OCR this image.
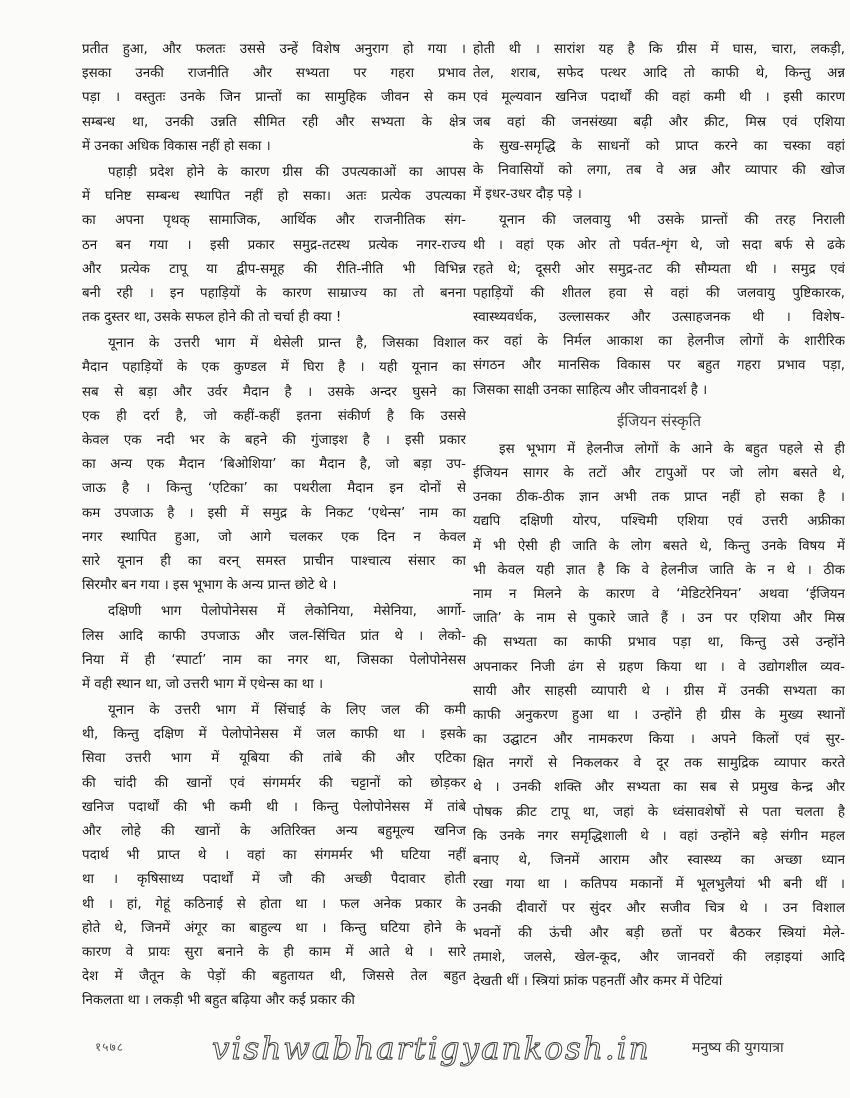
प्रतीत हुआ, और फलतः उससे उन्हें विशेष अनुराग हो गया ।
इसका उनकी राजनीति और सभ्यता पर गहरा प्रभाव
पड़ा । वस्तुतः उनके जिन प्रान्तों का सामुहिक जीवन से कम
सम्बन्ध था, उनकी उन्नति सीमित रही और सभ्यता के क्षेत्र
में उनका अधिक विकास नहीं हो सका ।
पहाड़ी प्रदेश होने के कारण ग्रीस की उपत्यकाओं का आपस
में घनिष्ट सम्बन्ध स्थापित नहीं हो सका। अतः प्रत्येक उपत्यका
का अपना पृथक् सामाजिक, आर्थिक और राजनीतिक संग-
ठन बन गया । इसी प्रकार समुद्र-तटस्थ प्रत्येक नगर-राज्य
और प्रत्येक टापू या द्वीप-समूह की रीति-नीति भी विभिन्न
बनी रही । इन पहाड़ियों के कारण साम्राज्य का तो बनना
तक दुस्तर था, उसके सफल होने की तो चर्चा ही क्या !
यूनान के उत्तरी भाग में थेसेली प्रान्त है, जिसका विशाल
मैदान पहाड़ियों के एक कुण्डल में घिरा है । यही यूनान का
सब से बड़ा और उर्वर मैदान है । उसके अन्दर घुसने का
एक ही दर्रा है, जो कहीं-कहीं इतना संकीर्ण है कि उससे
केवल एक नदी भर के बहने की गुंजाइश है । इसी प्रकार
का अन्य एक मैदान ‘बिओशिया’ का मैदान है, जो बड़ा उप-
जाऊ है । किन्तु ‘एटिका’ का पथरीला मैदान इन दोनों से
कम उपजाऊ है । इसी में समुद्र के निकट ‘एथेन्स’ नाम का
नगर स्थापित हुआ, जो आगे चलकर एक दिन न केवल
सारे यूनान ही का वरन् समस्त प्राचीन पाश्चात्य संसार का
सिरमौर बन गया । इस भूभाग के अन्य प्रान्त छोटे थे ।
दक्षिणी भाग पेलोपोनेसस में लेकोनिया, मेसेनिया, आर्गो-
लिस आदि काफी उपजाऊ और जल-सिंचित प्रांत थे । लेको-
निया में ही ‘स्पार्टा’ नाम का नगर था, जिसका पेलोपोनेसस
में वही स्थान था, जो उत्तरी भाग में एथेन्स का था ।
यूनान के उत्तरी भाग में सिंचाई के लिए जल की कमी
थी, किन्तु दक्षिण में पेलोपोनेसस में जल काफी था । इसके
सिवा उत्तरी भाग में यूबिया की तांबे की और एटिका
की चांदी की खानों एवं संगमर्मर की चट्टानों को छोड़कर
खनिज पदार्थों की भी कमी थी । किन्तु पेलोपोनेसस में तांबे
और लोहे की खानों के अतिरिक्त अन्य बहुमूल्य खनिज
पदार्थ भी प्राप्त थे । वहां का संगमर्मर भी घटिया नहीं
था । कृषिसाध्य पदार्थों में जौ की अच्छी पैदावार होती
थी । हां, गेहूं कठिनाई से होता था । फल अनेक प्रकार के
होते थे, जिनमें अंगूर का बाहुल्य था । किन्तु घटिया होने के
कारण वे प्रायः सुरा बनाने के ही काम में आते थे । सारे
देश में जैतून के पेड़ों की बहुतायत थी, जिससे तेल बहुत
निकलता था । लकड़ी भी बहुत बढ़िया और कई प्रकार की
होती थी । सारांश यह है कि ग्रीस में घास, चारा, लकड़ी,
तेल, शराब, सफेद पत्थर आदि तो काफी थे, किन्तु अन्न
एवं मूल्यवान खनिज पदार्थों की वहां कमी थी । इसी कारण
जब वहां की जनसंख्या बढ़ी और क्रीट, मिस्र एवं एशिया
के सुख-समृद्धि के साधनों को प्राप्त करने का चस्का वहां
के निवासियों को लगा, तब वे अन्न और व्यापार की खोज
में इधर-उधर दौड़ पड़े ।
यूनान की जलवायु भी उसके प्रान्तों की तरह निराली
थी । वहां एक ओर तो पर्वत-शृंग थे, जो सदा बर्फ से ढके
रहते थे; दूसरी ओर समुद्र-तट की सौम्यता थी । समुद्र एवं
पहाड़ियों की शीतल हवा से वहां की जलवायु पुष्टिकारक,
स्वास्थ्यवर्धक, उल्लासकर और उत्साहजनक थी । विशेष-
कर वहां के निर्मल आकाश का हेलनीज लोगों के शारीरिक
संगठन और मानसिक विकास पर बहुत गहरा प्रभाव पड़ा,
जिसका साक्षी उनका साहित्य और जीवनादर्श है ।
ईजियन संस्कृति
इस भूभाग में हेलनीज लोगों के आने के बहुत पहले से ही
ईजियन सागर के तटों और टापुओं पर जो लोग बसते थे,
उनका ठीक-ठीक ज्ञान अभी तक प्राप्त नहीं हो सका है ।
यद्यपि दक्षिणी योरप, पश्चिमी एशिया एवं उत्तरी अफ्रीका
में भी ऐसी ही जाति के लोग बसते थे, किन्तु उनके विषय में
भी केवल यही ज्ञात है कि वे हेलनीज जाति के न थे । ठीक
नाम न मिलने के कारण वे ‘मेडिटरेनियन’ अथवा ‘ईजियन
जाति’ के नाम से पुकारे जाते हैं । उन पर एशिया और मिस्र
की सभ्यता का काफी प्रभाव पड़ा था, किन्तु उसे उन्होंने
अपनाकर निजी ढंग से ग्रहण किया था । वे उद्योगशील व्यव-
सायी और साहसी व्यापारी थे । ग्रीस में उनकी सभ्यता का
काफी अनुकरण हुआ था । उन्होंने ही ग्रीस के मुख्य स्थानों
का उद्घाटन और नामकरण किया । अपने किलों एवं सुर-
क्षित नगरों से निकलकर वे दूर तक सामुद्रिक व्यापार करते
थे । उनकी शक्ति और सभ्यता का सब से प्रमुख केन्द्र और
पोषक क्रीट टापू था, जहां के ध्वंसावशेषों से पता चलता है
कि उनके नगर समृद्धिशाली थे । वहां उन्होंने बड़े संगीन महल
बनाए थे, जिनमें आराम और स्वास्थ्य का अच्छा ध्यान
रखा गया था । कतिपय मकानों में भूलभुलैयां भी बनी थीं ।
उनकी दीवारों पर सुंदर और सजीव चित्र थे । उन विशाल
भवनों की ऊंची और बड़ी छतों पर बैठकर स्त्रियां मेले-
तमाशे, जलसे, खेल-कूद, और जानवरों की लड़ाइयां आदि
देखती थीं । स्त्रियां फ्रांक पहनतीं और कमर में पेटियां
१५७८	vishwabhartigyankosh.in	मनुष्य की युगयात्रा
